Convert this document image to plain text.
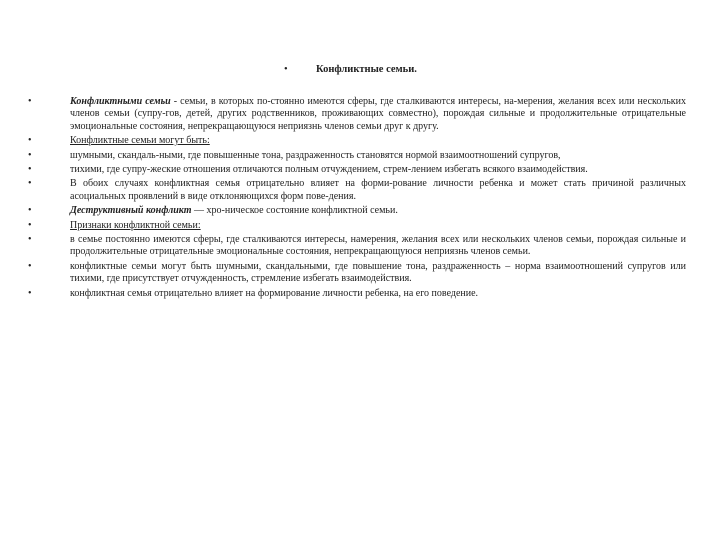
•	Конфликтные семьи.
•	Конфликтными семьи - семьи, в которых по-стоянно имеются сферы, где сталкиваются интересы, на-мерения, желания всех или нескольких членов семьи (супру-гов, детей, других родственников, проживающих совместно), порождая сильные и продолжительные отрицательные эмоциональные состояния, непрекращающуюся неприязнь членов семьи друг к другу.
•	Конфликтные семьи могут быть:
•	шумными, скандаль-ными, где повышенные тона, раздраженность становятся нормой взаимоотношений супругов,
•	тихими, где супру-жеские отношения отличаются полным отчуждением, стрем-лением избегать всякого взаимодействия.
•	В обоих случаях конфликтная семья отрицательно влияет на форми-рование личности ребенка и может стать причиной различных асоциальных проявлений в виде отклоняющихся форм пове-дения.
•	Деструктивный конфликт — хро-ническое состояние конфликтной семьи.
•	Признаки конфликтной семьи:
•	в семье постоянно имеются сферы, где сталкиваются интересы, намерения, желания всех или нескольких членов семьи, порождая сильные и продолжительные отрицательные эмоциональные состояния, непрекращающуюся неприязнь членов семьи.
•	конфликтные семьи могут быть шумными, скандальными, где повышение тона, раздраженность – норма взаимоотношений супругов или тихими, где присутствует отчужденность, стремление избегать взаимодействия.
•	конфликтная семья отрицательно влияет на формирование личности ребенка, на его поведение.
